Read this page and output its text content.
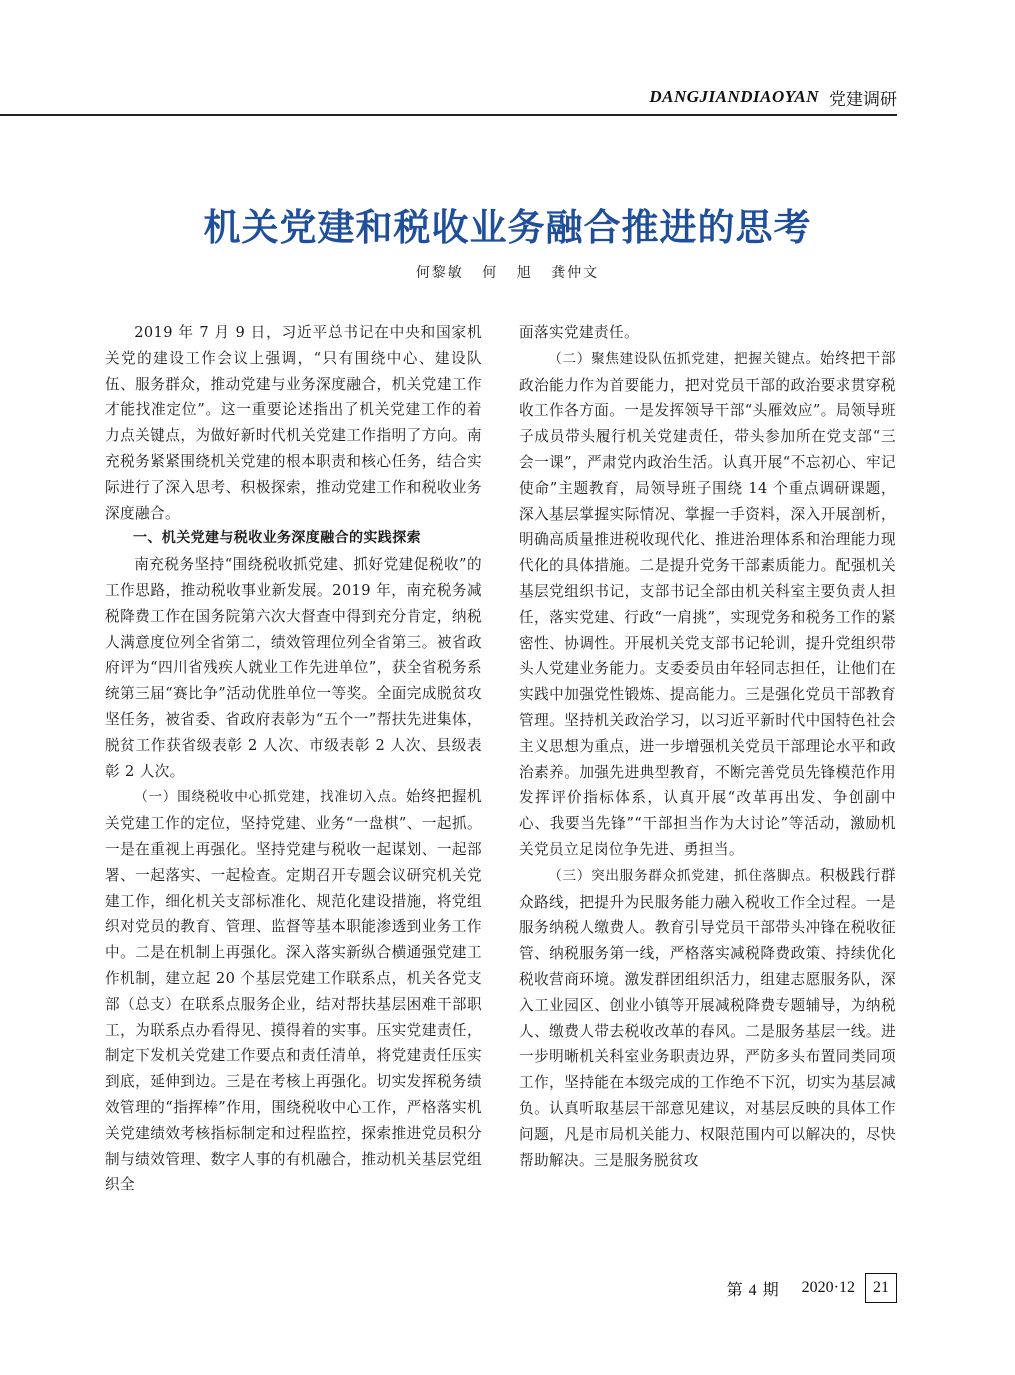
DANGJIANDIAOYAN 党建调研
机关党建和税收业务融合推进的思考
何黎敏 何 旭 龚仲文

2019 年 7 月 9 日，习近平总书记在中央和国家机关党的建设工作会议上强调，“只有围绕中心、建设队伍、服务群众，推动党建与业务深度融合，机关党建工作才能找准定位”。这一重要论述指出了机关党建工作的着力点关键点，为做好新时代机关党建工作指明了方向。南充税务紧紧围绕机关党建的根本职责和核心任务，结合实际进行了深入思考、积极探索，推动党建工作和税收业务深度融合。

一、机关党建与税收业务深度融合的实践探索

南充税务坚持“围绕税收抓党建、抓好党建促税收”的工作思路，推动税收事业新发展。2019 年，南充税务减税降费工作在国务院第六次大督查中得到充分肯定，纳税人满意度位列全省第二，绩效管理位列全省第三。被省政府评为“四川省残疾人就业工作先进单位”，获全省税务系统第三届“赛比争”活动优胜单位一等奖。全面完成脱贫攻坚任务，被省委、省政府表彰为“五个一”帮扶先进集体，脱贫工作获省级表彰 2 人次、市级表彰 2 人次、县级表彰 2 人次。

（一）围绕税收中心抓党建，找准切入点。始终把握机关党建工作的定位，坚持党建、业务“一盘棋”、一起抓。一是在重视上再强化。坚持党建与税收一起谋划、一起部署、一起落实、一起检查。定期召开专题会议研究机关党建工作，细化机关支部标准化、规范化建设措施，将党组织对党员的教育、管理、监督等基本职能渗透到业务工作中。二是在机制上再强化。深入落实新纵合横通强党建工作机制，建立起 20 个基层党建工作联系点，机关各党支部（总支）在联系点服务企业，结对帮扶基层困难干部职工，为联系点办看得见、摸得着的实事。压实党建责任，制定下发机关党建工作要点和责任清单，将党建责任压实到底，延伸到边。三是在考核上再强化。切实发挥税务绩效管理的“指挥棒”作用，围绕税收中心工作，严格落实机关党建绩效考核指标制定和过程监控，探索推进党员积分制与绩效管理、数字人事的有机融合，推动机关基层党组织全

面落实党建责任。

（二）聚焦建设队伍抓党建，把握关键点。始终把干部政治能力作为首要能力，把对党员干部的政治要求贯穿税收工作各方面。一是发挥领导干部“头雁效应”。局领导班子成员带头履行机关党建责任，带头参加所在党支部“三会一课”，严肃党内政治生活。认真开展“不忘初心、牢记使命”主题教育，局领导班子围绕 14 个重点调研课题，深入基层掌握实际情况、掌握一手资料，深入开展剖析，明确高质量推进税收现代化、推进治理体系和治理能力现代化的具体措施。二是提升党务干部素质能力。配强机关基层党组织书记，支部书记全部由机关科室主要负责人担任，落实党建、行政“一肩挑”，实现党务和税务工作的紧密性、协调性。开展机关党支部书记轮训，提升党组织带头人党建业务能力。支委委员由年轻同志担任，让他们在实践中加强党性锻炼、提高能力。三是强化党员干部教育管理。坚持机关政治学习，以习近平新时代中国特色社会主义思想为重点，进一步增强机关党员干部理论水平和政治素养。加强先进典型教育，不断完善党员先锋模范作用发挥评价指标体系，认真开展“改革再出发、争创副中心、我要当先锋”“干部担当作为大讨论”等活动，激励机关党员立足岗位争先进、勇担当。

（三）突出服务群众抓党建，抓住落脚点。积极践行群众路线，把提升为民服务能力融入税收工作全过程。一是服务纳税人缴费人。教育引导党员干部带头冲锋在税收征管、纳税服务第一线，严格落实减税降费政策、持续优化税收营商环境。激发群团组织活力，组建志愿服务队，深入工业园区、创业小镇等开展减税降费专题辅导，为纳税人、缴费人带去税收改革的春风。二是服务基层一线。进一步明晰机关科室业务职责边界，严防多头布置同类同项工作，坚持能在本级完成的工作绝不下沉，切实为基层减负。认真听取基层干部意见建议，对基层反映的具体工作问题，凡是市局机关能力、权限范围内可以解决的，尽快帮助解决。三是服务脱贫攻

第 4 期 2020·12	21
